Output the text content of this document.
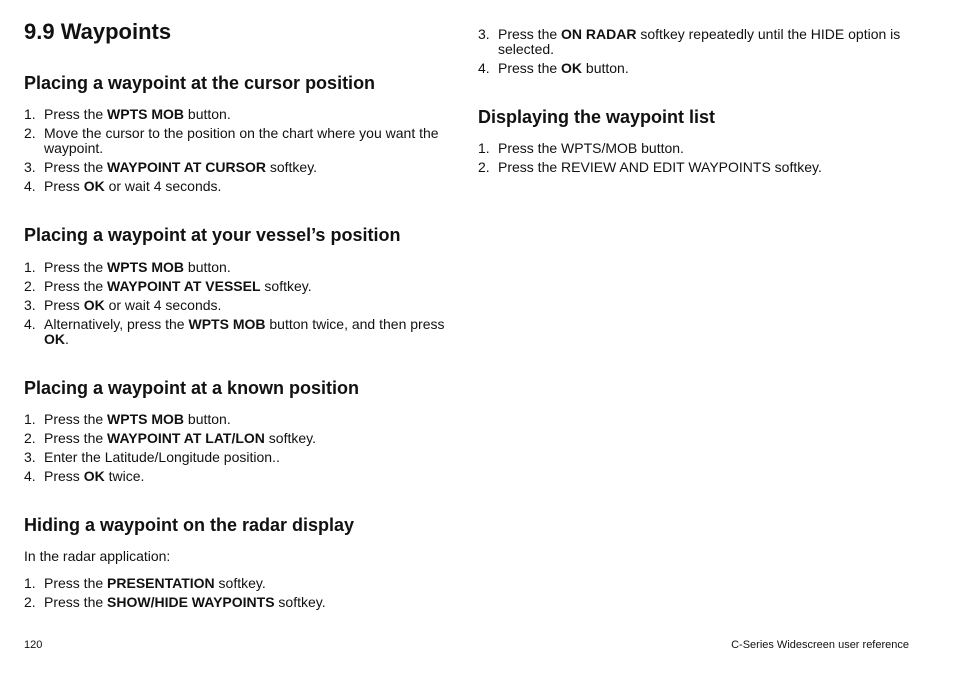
9.9 Waypoints
Placing a waypoint at the cursor position
1. Press the WPTS MOB button.
2. Move the cursor to the position on the chart where you want the waypoint.
3. Press the WAYPOINT AT CURSOR softkey.
4. Press OK or wait 4 seconds.
Placing a waypoint at your vessel’s position
1. Press the WPTS MOB button.
2. Press the WAYPOINT AT VESSEL softkey.
3. Press OK or wait 4 seconds.
4. Alternatively, press the WPTS MOB button twice, and then press OK.
Placing a waypoint at a known position
1. Press the WPTS MOB button.
2. Press the WAYPOINT AT LAT/LON softkey.
3. Enter the Latitude/Longitude position..
4. Press OK twice.
Hiding a waypoint on the radar display

In the radar application:

1. Press the PRESENTATION softkey.
2. Press the SHOW/HIDE WAYPOINTS softkey.
3. Press the ON RADAR softkey repeatedly until the HIDE option is selected.
4. Press the OK button.
Displaying the waypoint list
1. Press the WPTS/MOB button.
2. Press the REVIEW AND EDIT WAYPOINTS softkey.
120	C-Series Widescreen user reference
